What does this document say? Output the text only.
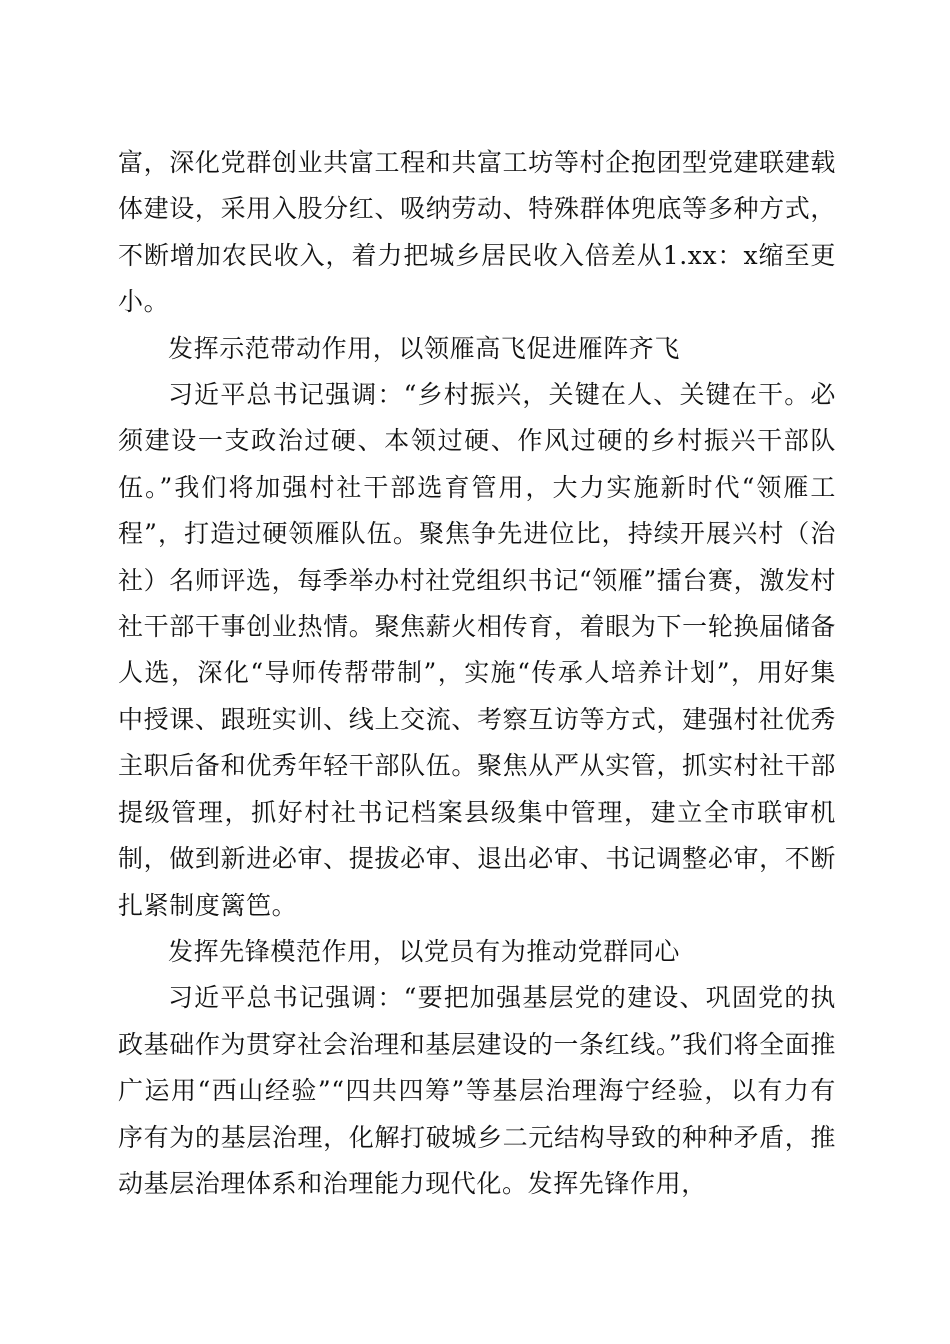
富，深化党群创业共富工程和共富工坊等村企抱团型党建联建载体建设，采用入股分红、吸纳劳动、特殊群体兜底等多种方式，不断增加农民收入，着力把城乡居民收入倍差从1.xx：x缩至更小。

发挥示范带动作用，以领雁高飞促进雁阵齐飞

习近平总书记强调：“乡村振兴，关键在人、关键在干。必须建设一支政治过硬、本领过硬、作风过硬的乡村振兴干部队伍。”我们将加强村社干部选育管用，大力实施新时代“领雁工程”，打造过硬领雁队伍。聚焦争先进位比，持续开展兴村（治社）名师评选，每季举办村社党组织书记“领雁”擂台赛，激发村社干部干事创业热情。聚焦薪火相传育，着眼为下一轮换届储备人选，深化“导师传帮带制”，实施“传承人培养计划”，用好集中授课、跟班实训、线上交流、考察互访等方式，建强村社优秀主职后备和优秀年轻干部队伍。聚焦从严从实管，抓实村社干部提级管理，抓好村社书记档案县级集中管理，建立全市联审机制，做到新进必审、提拔必审、退出必审、书记调整必审，不断扎紧制度篱笆。

发挥先锋模范作用，以党员有为推动党群同心

习近平总书记强调：“要把加强基层党的建设、巩固党的执政基础作为贯穿社会治理和基层建设的一条红线。”我们将全面推广运用“西山经验”“四共四筹”等基层治理海宁经验，以有力有序有为的基层治理，化解打破城乡二元结构导致的种种矛盾，推动基层治理体系和治理能力现代化。发挥先锋作用，
